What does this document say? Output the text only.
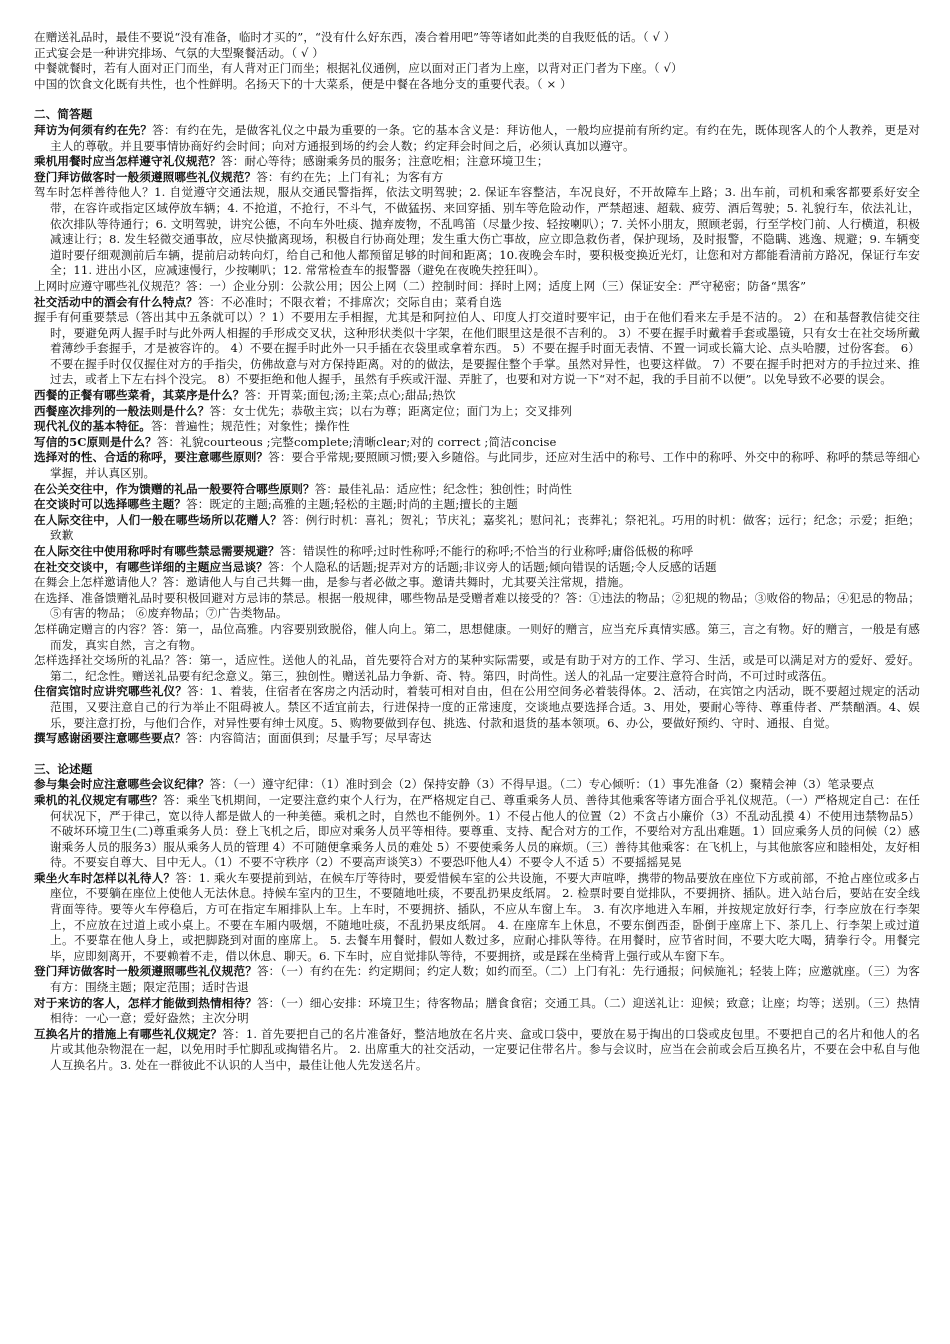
在赠送礼品时，最佳不要说“没有准备，临时才买的”，“没有什么好东西，凑合着用吧”等等诸如此类的自我贬低的话。（ √ ）

正式宴会是一种讲究排场、气氛的大型聚餐活动。（ √ ）

中餐就餐时，若有人面对正门而坐，有人背对正门而坐；根据礼仪通例，应以面对正门者为上座，以背对正门者为下座。（ √）

中国的饮食文化既有共性，也个性鲜明。名扬天下的十大菜系，便是中餐在各地分支的重要代表。（ × ）

二、简答题

拜访为何须有约在先？答：有约在先，是做客礼仪之中最为重要的一条。它的基本含义是：拜访他人，一般均应提前有所约定。有约在先，既体现客人的个人教养，更是对主人的尊敬。并且要事情协商好约会时间；向对方通报到场的约会人数；约定拜会时间之后，必须认真加以遵守。

乘机用餐时应当怎样遵守礼仪规范？答：耐心等待；感谢乘务员的服务；注意吃相；注意环境卫生；

登门拜访做客时一般须遵照哪些礼仪规范？答：有约在先；上门有礼；为客有方

驾车时怎样善待他人？1. 自觉遵守交通法规，服从交通民警指挥，依法文明驾驶；2. 保证车容整洁，车况良好，不开故障车上路；3. 出车前，司机和乘客都要系好安全带，在容许或指定区域停放车辆；4. 不抢道，不抢行，不斗气，不做猛拐、来回穿插、别车等危险动作，严禁超速、超载、疲劳、酒后驾驶；5. 礼貌行车，依法礼让，依次排队等待通行；6. 文明驾驶，讲究公德，不向车外吐痰、抛弃废物，不乱鸣笛（尽量少按、轻按喇叭）；7. 关怀小朋友，照顾老弱，行至学校门前、人行横道，积极减速让行；8. 发生轻微交通事故，应尽快撤离现场，积极自行协商处理；发生重大伤亡事故，应立即急救伤者，保护现场，及时报警，不隐瞒、逃逸、规避；9. 车辆变道时要仔细观测前后车辆，提前启动转向灯，给自己和他人都预留足够的时间和距离；10.夜晚会车时，要积极变换近光灯，让您和对方都能看清前方路况，保证行车安全；11. 进出小区，应减速慢行，少按喇叭；12. 常常检查车的报警器（避免在夜晚失控狂叫）。

上网时应遵守哪些礼仪规范？答：一）企业分别：公款公用；因公上网（二）控制时间：择时上网；适度上网（三）保证安全：严守秘密；防备“黑客”

社交活动中的酒会有什么特点？答：不必准时；不限衣着；不排席次；交际自由；菜肴自选

握手有何重要禁忌（答出其中五条就可以）？1）不要用左手相握，尤其是和阿拉伯人、印度人打交道时要牢记，由于在他们看来左手是不洁的。 2）在和基督教信徒交往时，要避免两人握手时与此外两人相握的手形成交叉状，这种形状类似十字架，在他们眼里这是很不吉利的。 3）不要在握手时戴着手套或墨镜，只有女士在社交场所戴着薄纱手套握手，才是被容许的。 4）不要在握手时此外一只手插在衣袋里或拿着东西。 5）不要在握手时面无表情、不置一词或长篇大论、点头哈腰，过份客套。 6）不要在握手时仅仅握住对方的手指尖，仿佛故意与对方保持距离。对的的做法，是要握住整个手掌。虽然对异性，也要这样做。 7）不要在握手时把对方的手拉过来、推过去，或者上下左右抖个没完。 8）不要拒绝和他人握手，虽然有手疾或汗湿、弄脏了，也要和对方说一下“对不起，我的手目前不以便”。以免导致不必要的误会。

西餐的正餐有哪些菜肴，其菜序是什么？答：开胃菜;面包;汤;主菜;点心;甜品;热饮

西餐座次排列的一般法则是什么？答：女士优先；恭敬主宾；以右为尊；距离定位；面门为上；交叉排列

现代礼仪的基本特征。答：普遍性；规范性；对象性；操作性

写信的5C原则是什么？答：礼貌courteous ;完整complete;清晰clear;对的 correct ;简洁concise

选择对的性、合适的称呼，要注意哪些原则？答：要合乎常规;要照顾习惯;要入乡随俗。与此同步，还应对生活中的称号、工作中的称呼、外交中的称呼、称呼的禁忌等细心掌握，并认真区别。

在公关交往中，作为馈赠的礼品一般要符合哪些原则？答：最佳礼品：适应性；纪念性；独创性；时尚性

在交谈时可以选择哪些主题？答：既定的主题;高雅的主题;轻松的主题;时尚的主题;擅长的主题

在人际交往中，人们一般在哪些场所以花赠人？答：例行时机：喜礼；贺礼；节庆礼；嘉奖礼；慰问礼；丧葬礼；祭祀礼。巧用的时机：做客；远行；纪念；示爱；拒绝；致歉

在人际交往中使用称呼时有哪些禁忌需要规避？答：错误性的称呼;过时性称呼;不能行的称呼;不恰当的行业称呼;庸俗低极的称呼

在社交交谈中，有哪些详细的主题应当忌谈？答：个人隐私的话题;捉弄对方的话题;非议旁人的话题;倾向错误的话题;令人反感的话题

在舞会上怎样邀请他人？答：邀请他人与自己共舞一曲，是参与者必做之事。邀请共舞时，尤其要关注常规，措施。

在选择、准备馈赠礼品时要积极回避对方忌讳的禁忌。根据一般规律，哪些物品是受赠者难以接受的？答：①违法的物品；②犯规的物品；③败俗的物品；④犯忌的物品；⑤有害的物品； ⑥废弃物品；⑦广告类物品。

怎样确定赠言的内容？答：第一，品位高雅。内容要别致脱俗，催人向上。第二，思想健康。一则好的赠言，应当充斥真情实感。第三，言之有物。好的赠言，一般是有感而发，真实自然，言之有物。

怎样选择社交场所的礼品？答：第一，适应性。送他人的礼品，首先要符合对方的某种实际需要，或是有助于对方的工作、学习、生活，或是可以满足对方的爱好、爱好。第二，纪念性。赠送礼品要有纪念意义。第三，独创性。赠送礼品力争新、奇、特。第四，时尚性。送人的礼品一定要注意符合时尚，不可过时或落伍。

住宿宾馆时应讲究哪些礼仪？答：1、着装，住宿者在客房之内活动时，着装可相对自由，但在公用空间务必着装得体。2、活动，在宾馆之内活动，既不要超过规定的活动范围，又要注意自己的行为举止不阻碍被人。禁区不适宜前去，行进保持一度的正常速度，交谈地点要选择合适。3、用处，要耐心等待、尊重侍者、严禁酗酒。4、娱乐，要注意打扮，与他们合作，对异性要有绅士风度。5、购物要做到存包、挑选、付款和退货的基本领项。6、办公，要做好预约、守时、通报、自觉。

撰写感谢函要注意哪些要点？答：内容简洁；面面俱到；尽量手写；尽早寄达

三、论述题

参与集会时应注意哪些会议纪律？答：（一）遵守纪律：（1）准时到会（2）保持安静（3）不得早退。（二）专心倾听：（1）事先准备（2）聚精会神（3）笔录要点

乘机的礼仪规定有哪些？答：乘坐飞机期间，一定要注意约束个人行为，在严格规定自己、尊重乘务人员、善待其他乘客等诸方面合乎礼仪规范。（一）严格规定自己：在任何状况下，严于律己，宽以待人都是做人的一种美德。乘机之时，自然也不能例外。1）不侵占他人的位置（2）不贪占小廉价（3）不乱动乱摸 4）不使用违禁物品5）不破坏环境卫生(二)尊重乘务人员：登上飞机之后，即应对乘务人员平等相待。要尊重、支持、配合对方的工作，不要给对方乱出难题。1）回应乘务人员的问候（2）感谢乘务人员的服务3）服从乘务人员的管理 4）不可随便拿乘务人员的难处 5）不要使乘务人员的麻烦。（三）善待其他乘客：在飞机上，与其他旅客应和睦相处，友好相待。不要妄自尊大、目中无人。（1）不要不守秩序（2）不要高声谈笑3）不要恐吓他人4）不要令人不适 5）不要摇摇晃晃

乘坐火车时怎样以礼待人？答：1. 乘火车要提前到站，在候车厅等待时，要爱惜候车室的公共设施，不要大声喧哗，携带的物品要放在座位下方或前部，不抢占座位或多占座位，不要躺在座位上使他人无法休息。持候车室内的卫生，不要随地吐痰，不要乱扔果皮纸屑。 2. 检票时要自觉排队，不要拥挤、插队。进入站台后，要站在安全线背面等待。要等火车停稳后，方可在指定车厢排队上车。上车时，不要拥挤、插队，不应从车窗上车。 3. 有次序地进入车厢，并按规定放好行李，行李应放在行李架上，不应放在过道上或小桌上。不要在车厢内吸烟，不随地吐痰，不乱扔果皮纸屑。 4. 在座席车上休息，不要东倒西歪，卧倒于座席上下、茶几上、行李架上或过道上。不要靠在他人身上，或把脚跷到对面的座席上。 5. 去餐车用餐时，假如人数过多，应耐心排队等待。在用餐时，应节省时间，不要大吃大喝，猜拳行令。用餐完毕，应即刻离开，不要赖着不走，借以休息、聊天。6. 下车时，应自觉排队等待，不要拥挤，或是踩在坐椅背上强行或从车窗下车。

登门拜访做客时一般须遵照哪些礼仪规范？答：（一）有约在先：约定期间；约定人数；如约而至。（二）上门有礼：先行通报；问候施礼；轻装上阵；应邀就座。（三）为客有方：围绕主题；限定范围；适时告退

对于来访的客人，怎样才能做到热情相待？答：（一）细心安排：环境卫生；待客物品；膳食食宿；交通工具。（二）迎送礼让：迎候；致意；让座；均等；送别。（三）热情相待：一心一意；爱好盎然；主次分明

互换名片的措施上有哪些礼仪规定？答：1. 首先要把自己的名片准备好，整洁地放在名片夹、盒或口袋中，要放在易于掏出的口袋或皮包里。不要把自己的名片和他人的名片或其他杂物混在一起，以免用时手忙脚乱或掏错名片。 2. 出席重大的社交活动，一定要记住带名片。参与会议时，应当在会前或会后互换名片，不要在会中私自与他人互换名片。3. 处在一群彼此不认识的人当中，最佳让他人先发送名片。
